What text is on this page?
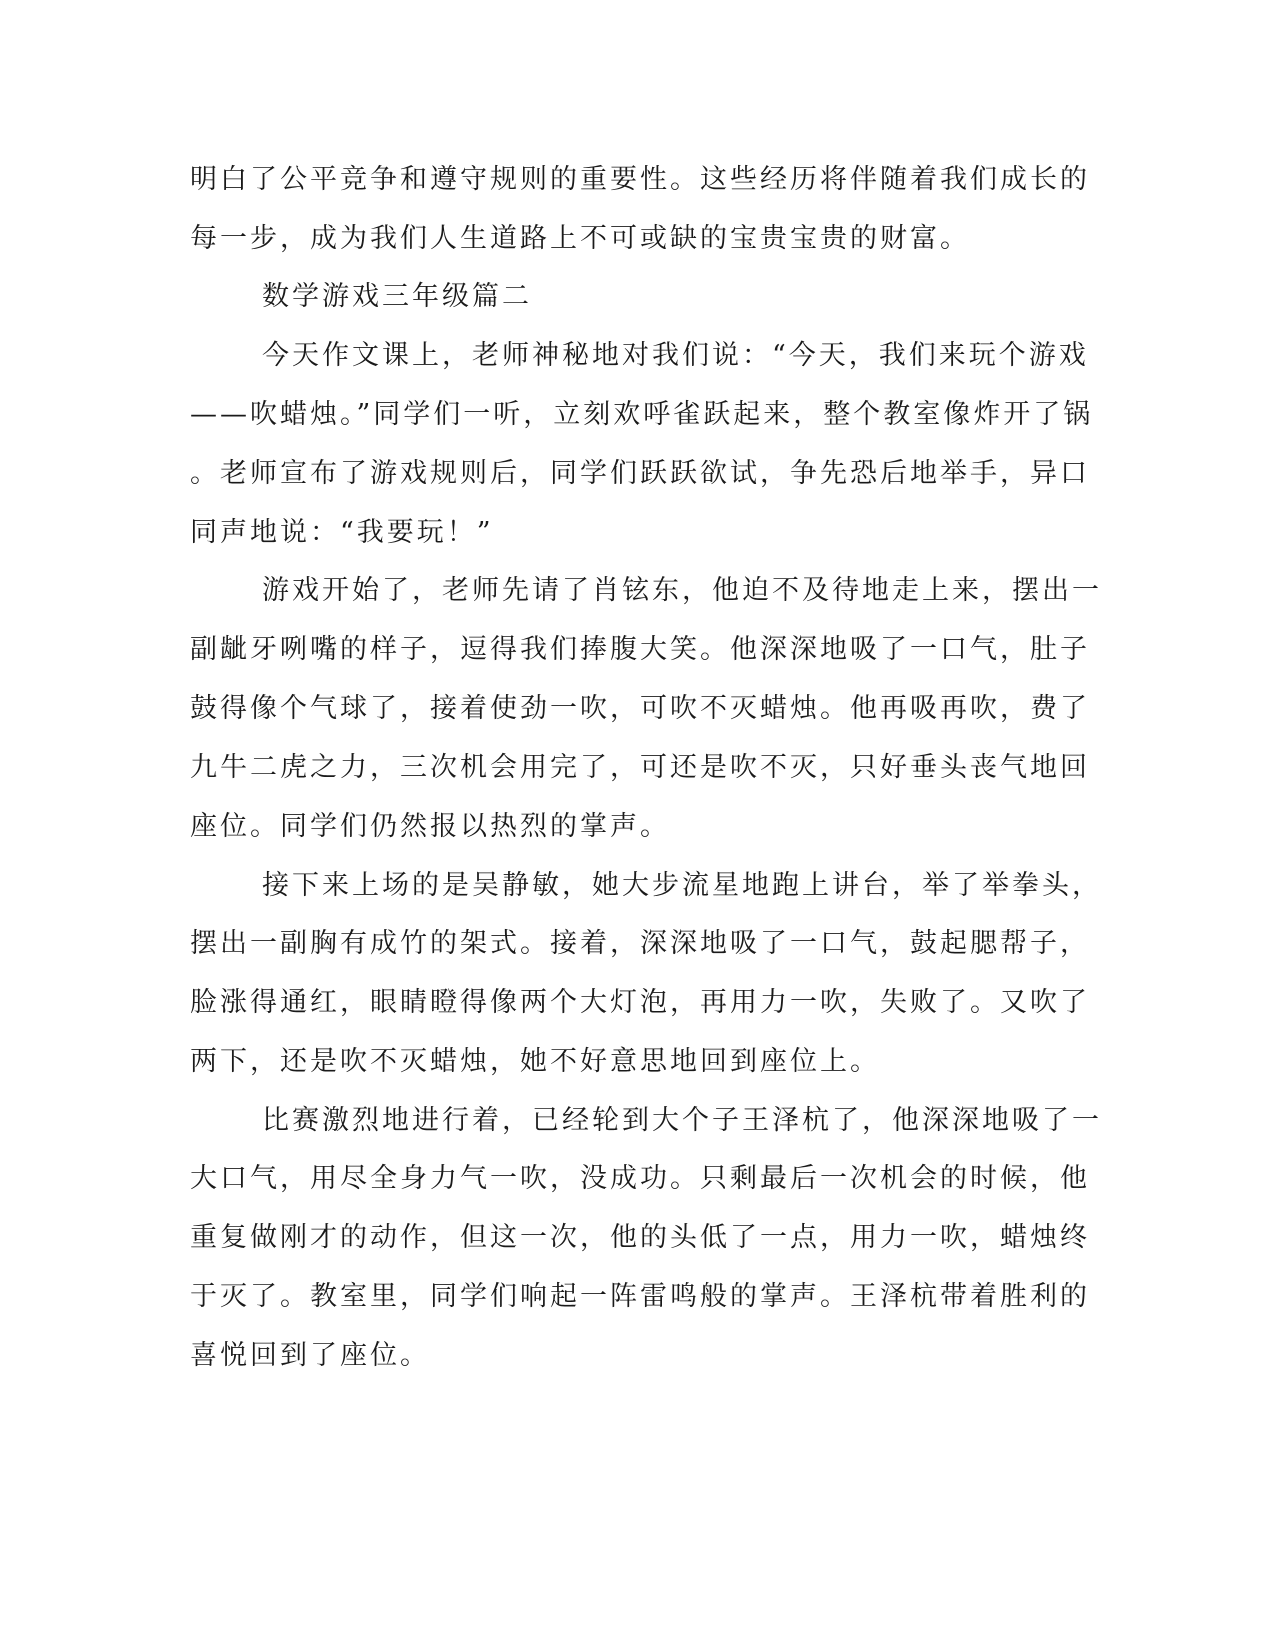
明白了公平竞争和遵守规则的重要性。这些经历将伴随着我们成长的
每一步，成为我们人生道路上不可或缺的宝贵宝贵的财富。
数学游戏三年级篇二
今天作文课上，老师神秘地对我们说：“今天，我们来玩个游戏
——吹蜡烛。”同学们一听，立刻欢呼雀跃起来，整个教室像炸开了锅
。老师宣布了游戏规则后，同学们跃跃欲试，争先恐后地举手，异口
同声地说：“我要玩！”
游戏开始了，老师先请了肖铉东，他迫不及待地走上来，摆出一
副龇牙咧嘴的样子，逗得我们捧腹大笑。他深深地吸了一口气，肚子
鼓得像个气球了，接着使劲一吹，可吹不灭蜡烛。他再吸再吹，费了
九牛二虎之力，三次机会用完了，可还是吹不灭，只好垂头丧气地回
座位。同学们仍然报以热烈的掌声。
接下来上场的是吴静敏，她大步流星地跑上讲台，举了举拳头，
摆出一副胸有成竹的架式。接着，深深地吸了一口气，鼓起腮帮子，
脸涨得通红，眼睛瞪得像两个大灯泡，再用力一吹，失败了。又吹了
两下，还是吹不灭蜡烛，她不好意思地回到座位上。
比赛激烈地进行着，已经轮到大个子王泽杭了，他深深地吸了一
大口气，用尽全身力气一吹，没成功。只剩最后一次机会的时候，他
重复做刚才的动作，但这一次，他的头低了一点，用力一吹，蜡烛终
于灭了。教室里，同学们响起一阵雷鸣般的掌声。王泽杭带着胜利的
喜悦回到了座位。
